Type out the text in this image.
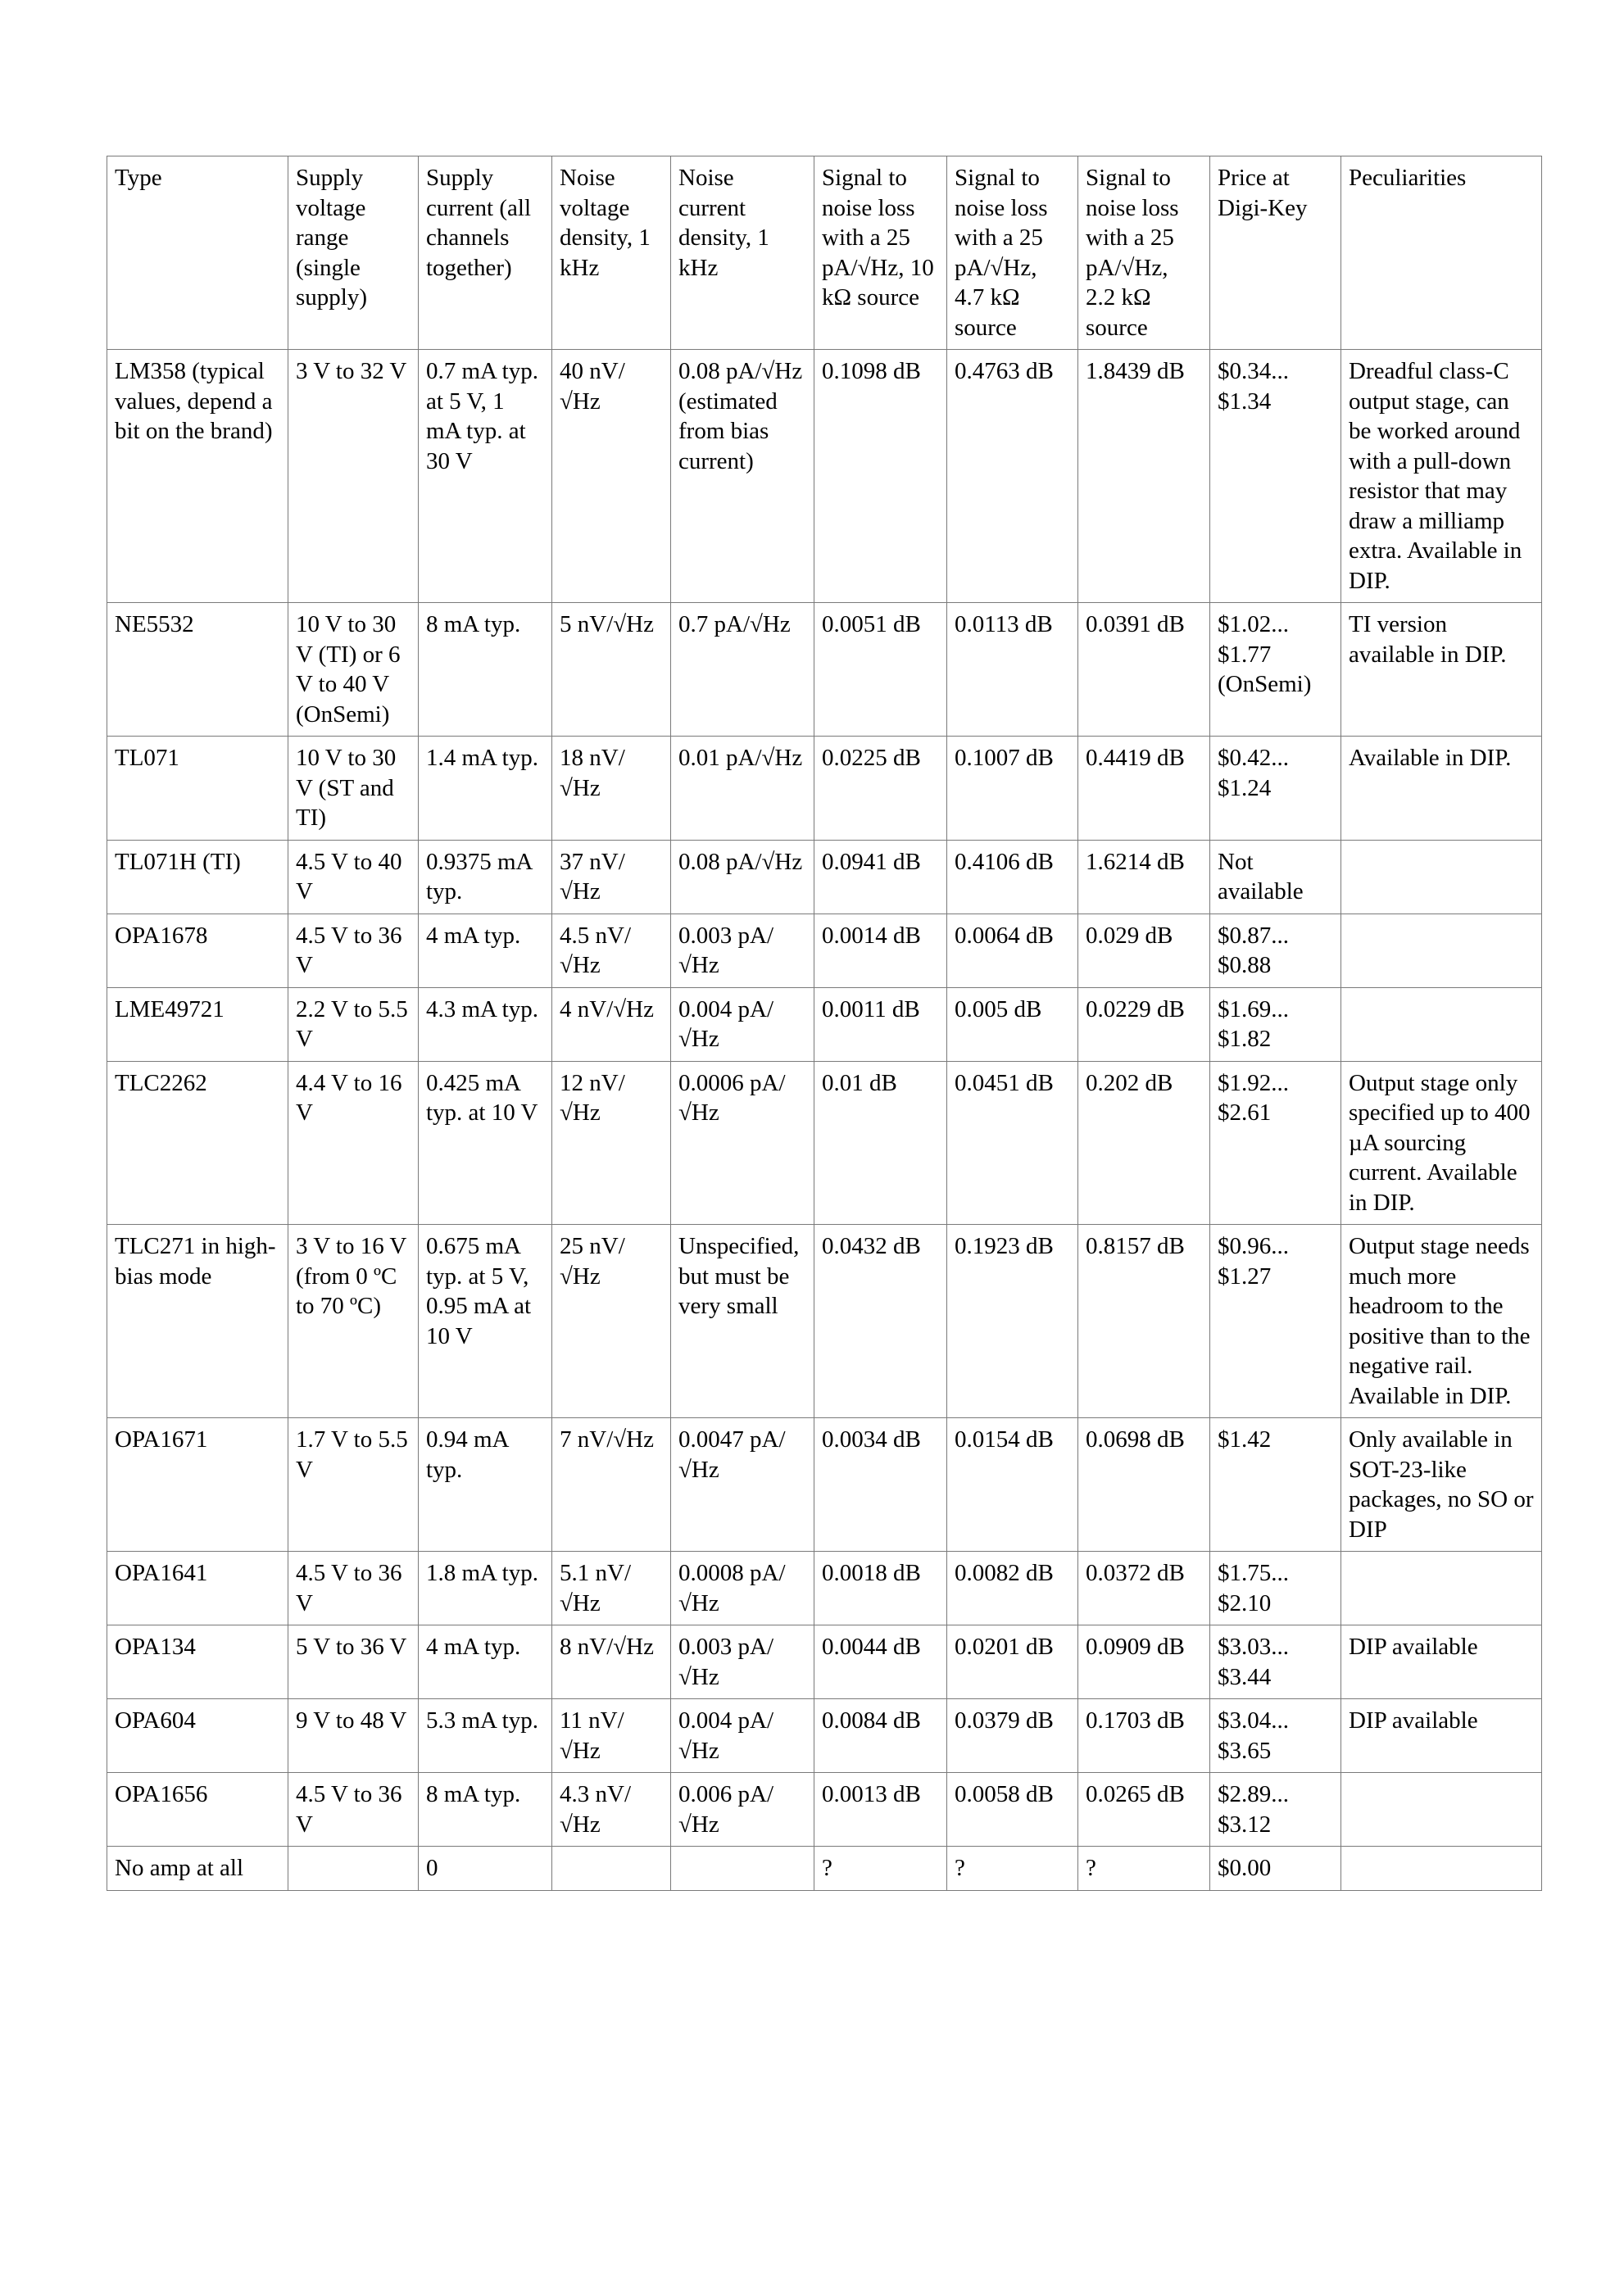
Type	Supply voltage range (single supply)	Supply current (all channels together)	Noise voltage density, 1 kHz	Noise current density, 1 kHz	Signal to noise loss with a 25 pA/√Hz, 10 kΩ source	Signal to noise loss with a 25 pA/√Hz, 4.7 kΩ source	Signal to noise loss with a 25 pA/√Hz, 2.2 kΩ source	Price at Digi-Key	Peculiarities
LM358 (typical values, depend a bit on the brand)	3 V to 32 V	0.7 mA typ. at 5 V, 1 mA typ. at 30 V	40 nV/√Hz	0.08 pA/√Hz (estimated from bias current)	0.1098 dB	0.4763 dB	1.8439 dB	$0.34... $1.34	Dreadful class-C output stage, can be worked around with a pull-down resistor that may draw a milliamp extra. Available in DIP.
NE5532	10 V to 30 V (TI) or 6 V to 40 V (OnSemi)	8 mA typ.	5 nV/√Hz	0.7 pA/√Hz	0.0051 dB	0.0113 dB	0.0391 dB	$1.02... $1.77 (OnSemi)	TI version available in DIP.
TL071	10 V to 30 V (ST and TI)	1.4 mA typ.	18 nV/√Hz	0.01 pA/√Hz	0.0225 dB	0.1007 dB	0.4419 dB	$0.42... $1.24	Available in DIP.
TL071H (TI)	4.5 V to 40 V	0.9375 mA typ.	37 nV/√Hz	0.08 pA/√Hz	0.0941 dB	0.4106 dB	1.6214 dB	Not available	
OPA1678	4.5 V to 36 V	4 mA typ.	4.5 nV/√Hz	0.003 pA/√Hz	0.0014 dB	0.0064 dB	0.029 dB	$0.87... $0.88	
LME49721	2.2 V to 5.5 V	4.3 mA typ.	4 nV/√Hz	0.004 pA/√Hz	0.0011 dB	0.005 dB	0.0229 dB	$1.69... $1.82	
TLC2262	4.4 V to 16 V	0.425 mA typ. at 10 V	12 nV/√Hz	0.0006 pA/√Hz	0.01 dB	0.0451 dB	0.202 dB	$1.92... $2.61	Output stage only specified up to 400 µA sourcing current. Available in DIP.
TLC271 in high-bias mode	3 V to 16 V (from 0 ºC to 70 ºC)	0.675 mA typ. at 5 V, 0.95 mA at 10 V	25 nV/√Hz	Unspecified, but must be very small	0.0432 dB	0.1923 dB	0.8157 dB	$0.96... $1.27	Output stage needs much more headroom to the positive than to the negative rail. Available in DIP.
OPA1671	1.7 V to 5.5 V	0.94 mA typ.	7 nV/√Hz	0.0047 pA/√Hz	0.0034 dB	0.0154 dB	0.0698 dB	$1.42	Only available in SOT-23-like packages, no SO or DIP
OPA1641	4.5 V to 36 V	1.8 mA typ.	5.1 nV/√Hz	0.0008 pA/√Hz	0.0018 dB	0.0082 dB	0.0372 dB	$1.75... $2.10	
OPA134	5 V to 36 V	4 mA typ.	8 nV/√Hz	0.003 pA/√Hz	0.0044 dB	0.0201 dB	0.0909 dB	$3.03... $3.44	DIP available
OPA604	9 V to 48 V	5.3 mA typ.	11 nV/√Hz	0.004 pA/√Hz	0.0084 dB	0.0379 dB	0.1703 dB	$3.04... $3.65	DIP available
OPA1656	4.5 V to 36 V	8 mA typ.	4.3 nV/√Hz	0.006 pA/√Hz	0.0013 dB	0.0058 dB	0.0265 dB	$2.89... $3.12	
No amp at all		0			?	?	?	$0.00	
